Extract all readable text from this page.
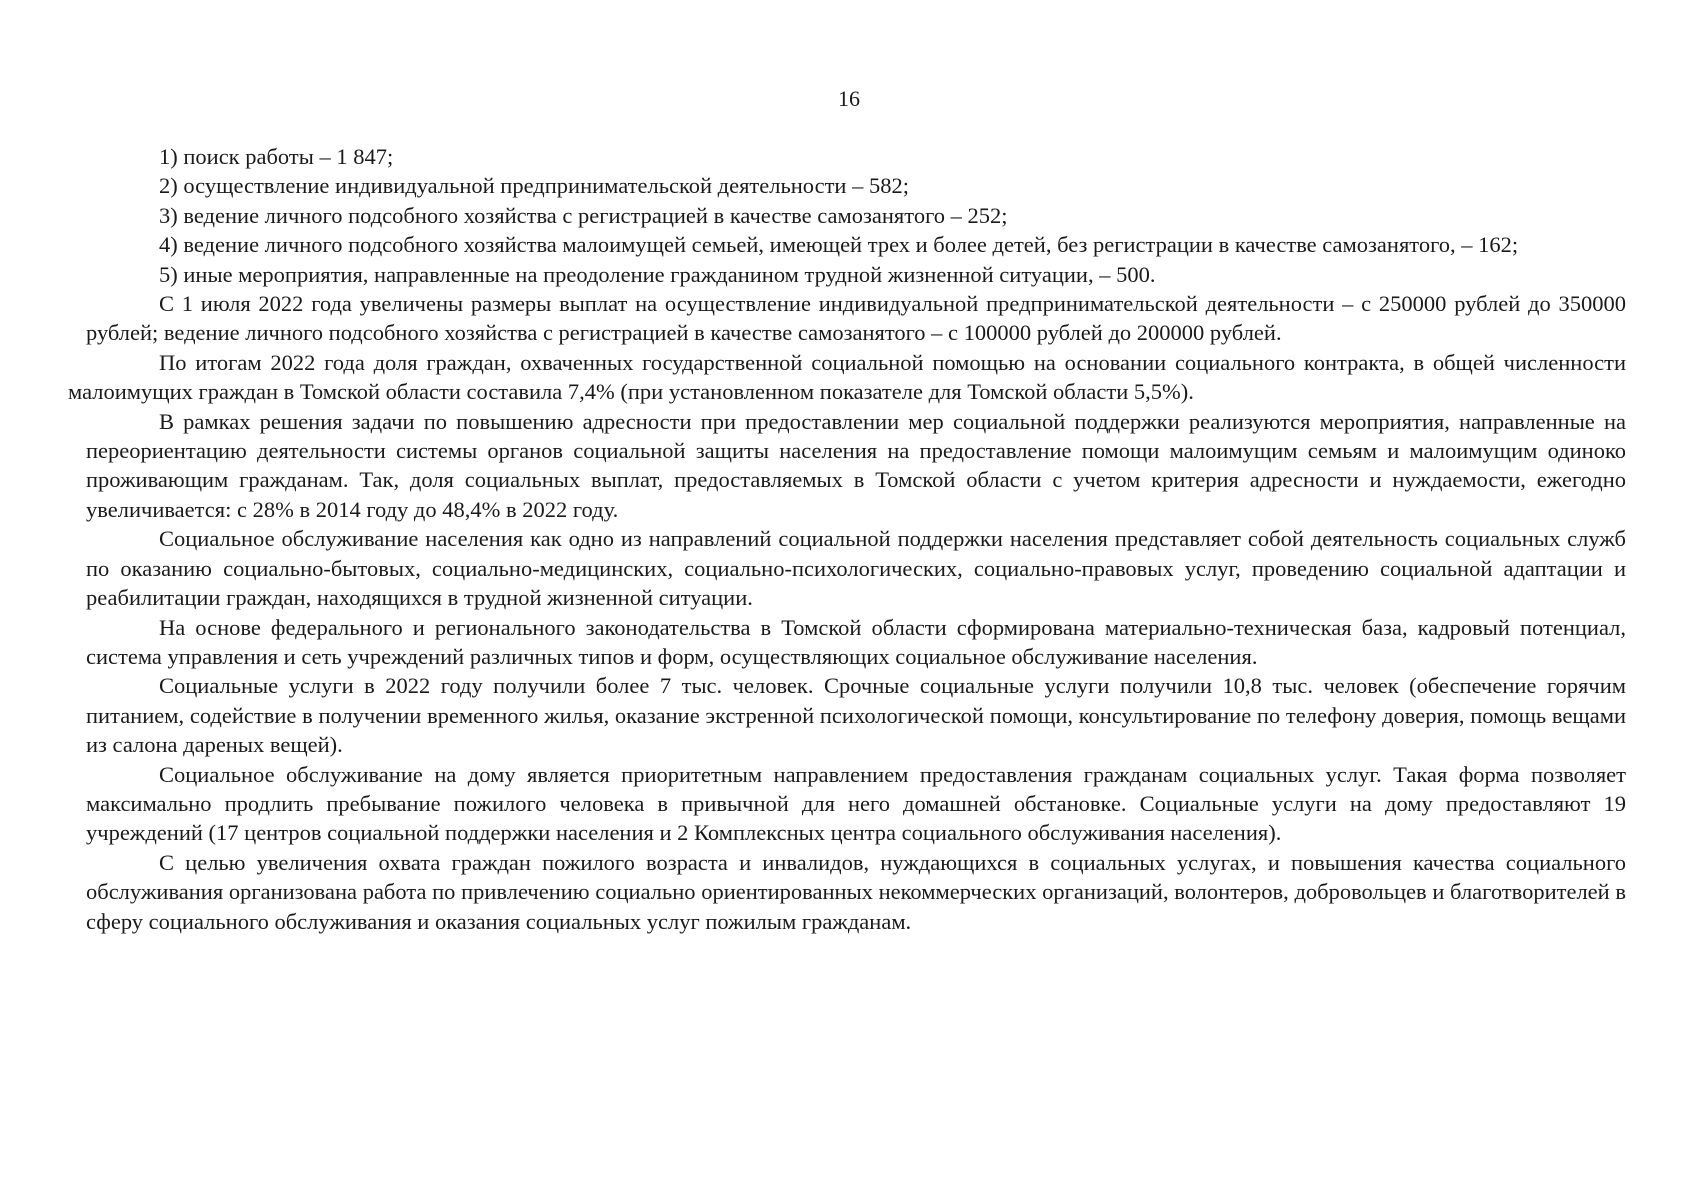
16

1) поиск работы – 1 847;

2) осуществление индивидуальной предпринимательской деятельности – 582;

3) ведение личного подсобного хозяйства с регистрацией в качестве самозанятого – 252;

4) ведение личного подсобного хозяйства малоимущей семьей, имеющей трех и более детей, без регистрации в качестве самозанятого, – 162;

5) иные мероприятия, направленные на преодоление гражданином трудной жизненной ситуации, – 500.

С 1 июля 2022 года увеличены размеры выплат на осуществление индивидуальной предпринимательской деятельности – с 250000 рублей до 350000 рублей; ведение личного подсобного хозяйства с регистрацией в качестве самозанятого – с 100000 рублей до 200000 рублей.

По итогам 2022 года доля граждан, охваченных государственной социальной помощью на основании социального контракта, в общей численности малоимущих граждан в Томской области составила 7,4% (при установленном показателе для Томской области 5,5%).

В рамках решения задачи по повышению адресности при предоставлении мер социальной поддержки реализуются мероприятия, направленные на переориентацию деятельности системы органов социальной защиты населения на предоставление помощи малоимущим семьям и малоимущим одиноко проживающим гражданам. Так, доля социальных выплат, предоставляемых в Томской области с учетом критерия адресности и нуждаемости, ежегодно увеличивается: с 28% в 2014 году до 48,4% в 2022 году.

Социальное обслуживание населения как одно из направлений социальной поддержки населения представляет собой деятельность социальных служб по оказанию социально-бытовых, социально-медицинских, социально-психологических, социально-правовых услуг, проведению социальной адаптации и реабилитации граждан, находящихся в трудной жизненной ситуации.

На основе федерального и регионального законодательства в Томской области сформирована материально-техническая база, кадровый потенциал, система управления и сеть учреждений различных типов и форм, осуществляющих социальное обслуживание населения.

Социальные услуги в 2022 году получили более 7 тыс. человек. Срочные социальные услуги получили 10,8 тыс. человек (обеспечение горячим питанием, содействие в получении временного жилья, оказание экстренной психологической помощи, консультирование по телефону доверия, помощь вещами из салона дареных вещей).

Социальное обслуживание на дому является приоритетным направлением предоставления гражданам социальных услуг. Такая форма позволяет максимально продлить пребывание пожилого человека в привычной для него домашней обстановке. Социальные услуги на дому предоставляют 19 учреждений (17 центров социальной поддержки населения и 2 Комплексных центра социального обслуживания населения).

С целью увеличения охвата граждан пожилого возраста и инвалидов, нуждающихся в социальных услугах, и повышения качества социального обслуживания организована работа по привлечению социально ориентированных некоммерческих организаций, волонтеров, добровольцев и благотворителей в сферу социального обслуживания и оказания социальных услуг пожилым гражданам.
